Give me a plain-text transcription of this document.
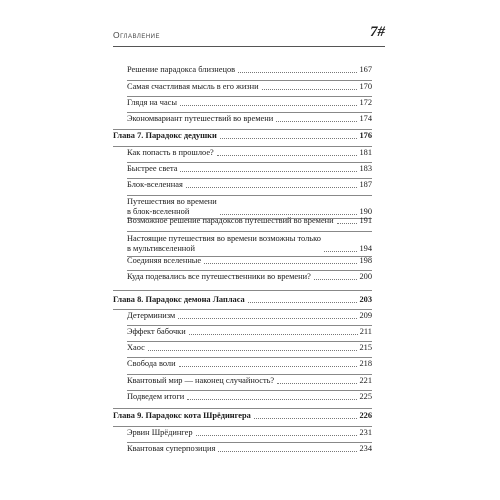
Оглавление	7#
Решение парадокса близнецов	167
Самая счастливая мысль в его жизни	170
Глядя на часы	172
Экономвариант путешествий во времени	174
Глава 7. Парадокс дедушки	176
Как попасть в прошлое?	181
Быстрее света	183
Блок-вселенная	187
Путешествия во времени
в блок-вселенной	190
Возможное решение парадоксов путешествий во времени	191
Настоящие путешествия во времени возможны только
в мультивселенной	194
Соединяя вселенные	198
Куда подевались все путешественники во времени?	200
Глава 8. Парадокс демона Лапласа	203
Детерминизм	209
Эффект бабочки	211
Хаос	215
Свобода воли	218
Квантовый мир — наконец случайность?	221
Подведем итоги	225
Глава 9. Парадокс кота Шрёдингера	226
Эрвин Шрёдингер	231
Квантовая суперпозиция	234
